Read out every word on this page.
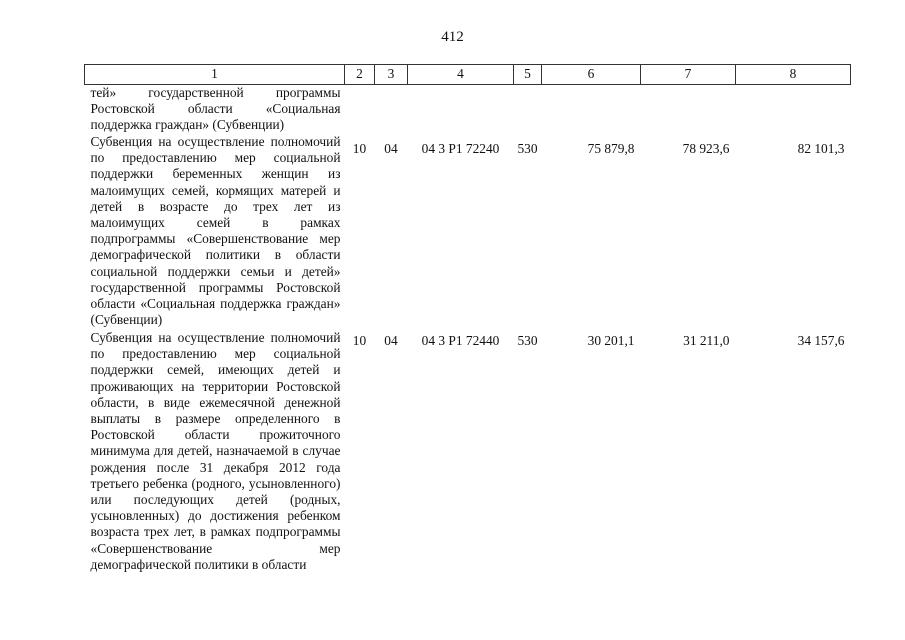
412
1	2	3	4	5	6	7	8
тей» государственной программы Ростовской области «Социальная поддержка граждан» (Субвенции)							
Субвенция на осуществление полномочий по предоставлению мер социальной поддержки беременных женщин из малоимущих семей, кормящих матерей и детей в возрасте до трех лет из малоимущих семей в рамках подпрограммы «Совершенствование мер демографической политики в области социальной поддержки семьи и детей» государственной программы Ростовской области «Социальная поддержка граждан» (Субвенции)	10	04	04 3 P1 72240	530	75 879,8	78 923,6	82 101,3
Субвенция на осуществление полномочий по предоставлению мер социальной поддержки семей, имеющих детей и проживающих на территории Ростовской области, в виде ежемесячной денежной выплаты в размере определенного в Ростовской области прожиточного минимума для детей, назначаемой в случае рождения после 31 декабря 2012 года третьего ребенка (родного, усыновленного) или последующих детей (родных, усыновленных) до достижения ребенком возраста трех лет, в рамках подпрограммы «Совершенствование мер демографической политики в области	10	04	04 3 P1 72440	530	30 201,1	31 211,0	34 157,6
